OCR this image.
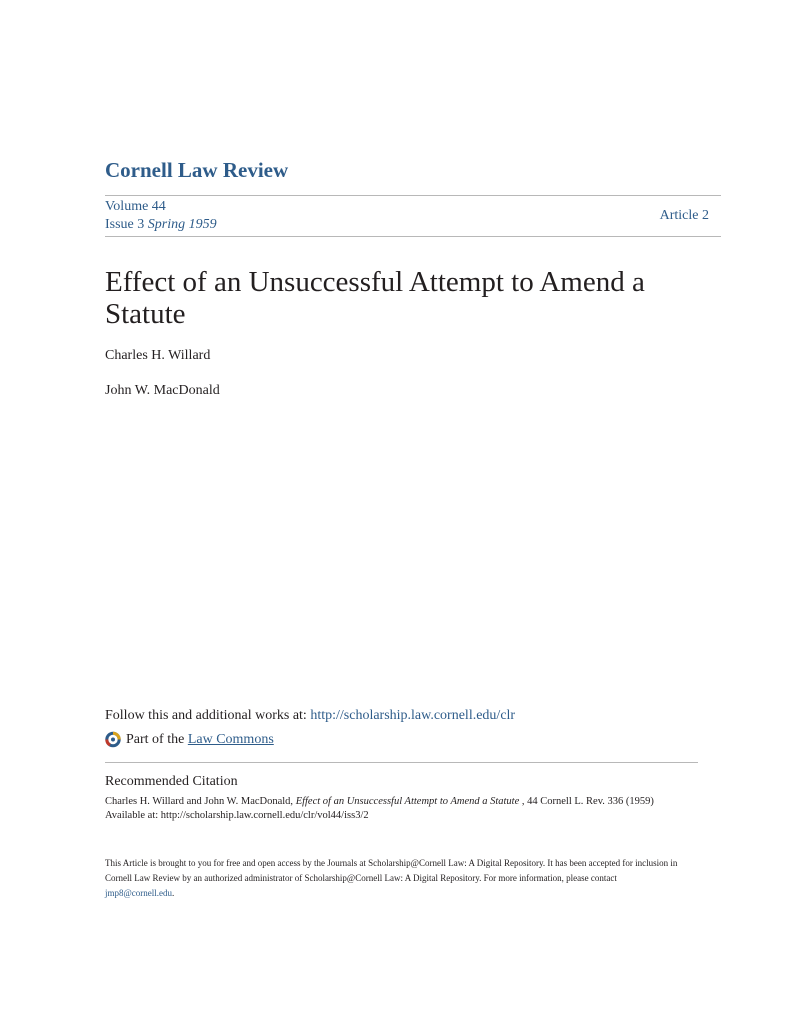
Cornell Law Review
Volume 44
Issue 3 Spring 1959
Article 2
Effect of an Unsuccessful Attempt to Amend a Statute
Charles H. Willard
John W. MacDonald
Follow this and additional works at: http://scholarship.law.cornell.edu/clr
Part of the
Law Commons
Recommended Citation
Charles H. Willard and John W. MacDonald, Effect of an Unsuccessful Attempt to Amend a Statute , 44 Cornell L. Rev. 336 (1959)
Available at: http://scholarship.law.cornell.edu/clr/vol44/iss3/2
This Article is brought to you for free and open access by the Journals at Scholarship@Cornell Law: A Digital Repository. It has been accepted for inclusion in Cornell Law Review by an authorized administrator of Scholarship@Cornell Law: A Digital Repository. For more information, please contact jmp8@cornell.edu.
